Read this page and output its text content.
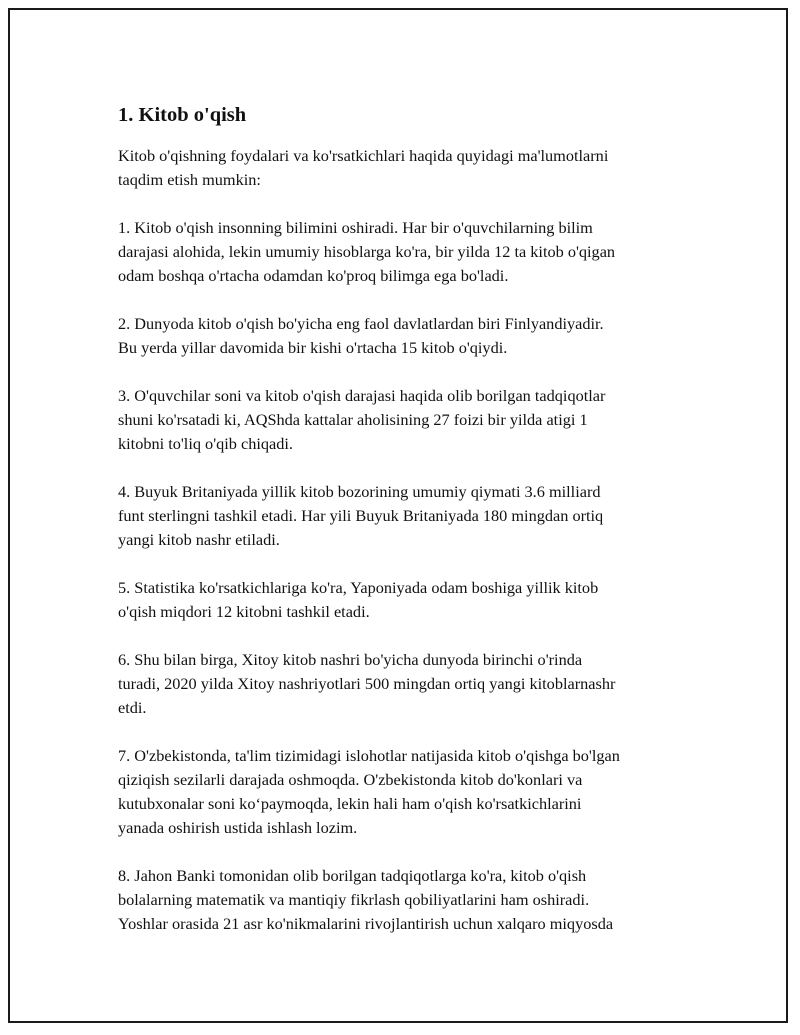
1. Kitob o'qish
Kitob o'qishning foydalari va ko'rsatkichlari haqida quyidagi ma'lumotlarni
taqdim etish mumkin:
1. Kitob o'qish insonning bilimini oshiradi. Har bir o'quvchilarning bilim
darajasi alohida, lekin umumiy hisoblarga ko'ra, bir yilda 12 ta kitob o'qigan
odam boshqa o'rtacha odamdan ko'proq bilimga ega bo'ladi.
2. Dunyoda kitob o'qish bo'yicha eng faol davlatlardan biri Finlyandiyadir.
Bu yerda yillar davomida bir kishi o'rtacha 15 kitob o'qiydi.
3. O'quvchilar soni va kitob o'qish darajasi haqida olib borilgan tadqiqotlar
shuni ko'rsatadi ki, AQShda kattalar aholisining 27 foizi bir yilda atigi 1
kitobni to'liq o'qib chiqadi.
4. Buyuk Britaniyada yillik kitob bozorining umumiy qiymati 3.6 milliard
funt sterlingni tashkil etadi. Har yili Buyuk Britaniyada 180 mingdan ortiq
yangi kitob nashr etiladi.
5. Statistika ko'rsatkichlariga ko'ra, Yaponiyada odam boshiga yillik kitob
o'qish miqdori 12 kitobni tashkil etadi.
6. Shu bilan birga, Xitoy kitob nashri bo'yicha dunyoda birinchi o'rinda
turadi, 2020 yilda Xitoy nashriyotlari 500 mingdan ortiq yangi kitoblarnashr
etdi.
7. O'zbekistonda, ta'lim tizimidagi islohotlar natijasida kitob o'qishga bo'lgan
qiziqish sezilarli darajada oshmoqda. O'zbekistonda kitob do'konlari va
kutubxonalar soni ko‘paymoqda, lekin hali ham o'qish ko'rsatkichlarini
yanada oshirish ustida ishlash lozim.
8. Jahon Banki tomonidan olib borilgan tadqiqotlarga ko'ra, kitob o'qish
bolalarning matematik va mantiqiy fikrlash qobiliyatlarini ham oshiradi.
Yoshlar orasida 21 asr ko'nikmalarini rivojlantirish uchun xalqaro miqyosda
